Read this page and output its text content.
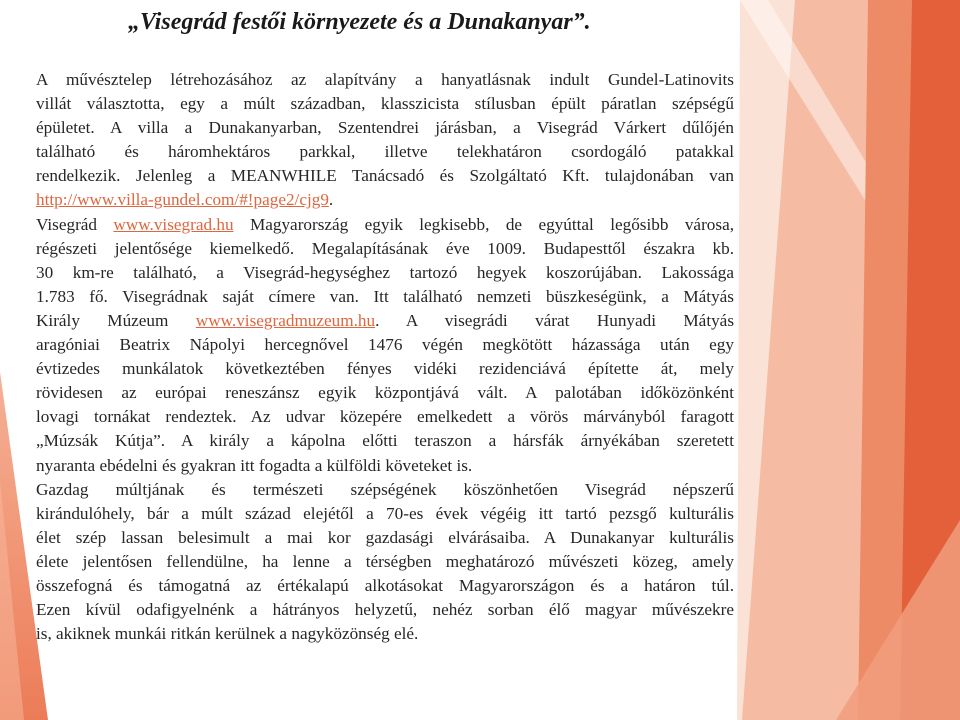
„Visegrád festői környezete és a Dunakanyar”.
A művésztelep létrehozásához az alapítvány a hanyatlásnak indult Gundel-Latinovits
villát választotta, egy a múlt században, klasszicista stílusban épült páratlan szépségű
épületet. A villa a Dunakanyarban, Szentendrei járásban, a Visegrád Várkert dűlőjén
található és háromhektáros parkkal, illetve telekhatáron csordogáló patakkal
rendelkezik. Jelenleg a MEANWHILE Tanácsadó és Szolgáltató Kft. tulajdonában van
http://www.villa-gundel.com/#!page2/cjg9.
Visegrád www.visegrad.hu Magyarország egyik legkisebb, de egyúttal legősibb városa,
régészeti jelentősége kiemelkedő. Megalapításának éve 1009. Budapesttől északra kb.
30 km-re található, a Visegrád-hegységhez tartozó hegyek koszorújában. Lakossága
1.783 fő. Visegrádnak saját címere van. Itt található nemzeti büszkeségünk, a Mátyás
Király Múzeum www.visegradmuzeum.hu. A visegrádi várat Hunyadi Mátyás
aragóniai Beatrix Nápolyi hercegnővel 1476 végén megkötött házassága után egy
évtizedes munkálatok következtében fényes vidéki rezidenciává építette át, mely
rövidesen az európai reneszánsz egyik központjává vált. A palotában időközönként
lovagi tornákat rendeztek. Az udvar közepére emelkedett a vörös márványból faragott
„Múzsák Kútja”. A király a kápolna előtti teraszon a hársfák árnyékában szeretett
nyaranta ebédelni és gyakran itt fogadta a külföldi követeket is.
Gazdag múltjának és természeti szépségének köszönhetően Visegrád népszerű
kirándulóhely, bár a múlt század elejétől a 70-es évek végéig itt tartó pezsgő kulturális
élet szép lassan belesimult a mai kor gazdasági elvárásaiba. A Dunakanyar kulturális
élete jelentősen fellendülne, ha lenne a térségben meghatározó művészeti közeg, amely
összefogná és támogatná az értékalapú alkotásokat Magyarországon és a határon túl.
Ezen kívül odafigyelnénk a hátrányos helyzetű, nehéz sorban élő magyar művészekre
is, akiknek munkái ritkán kerülnek a nagyközönség elé.
